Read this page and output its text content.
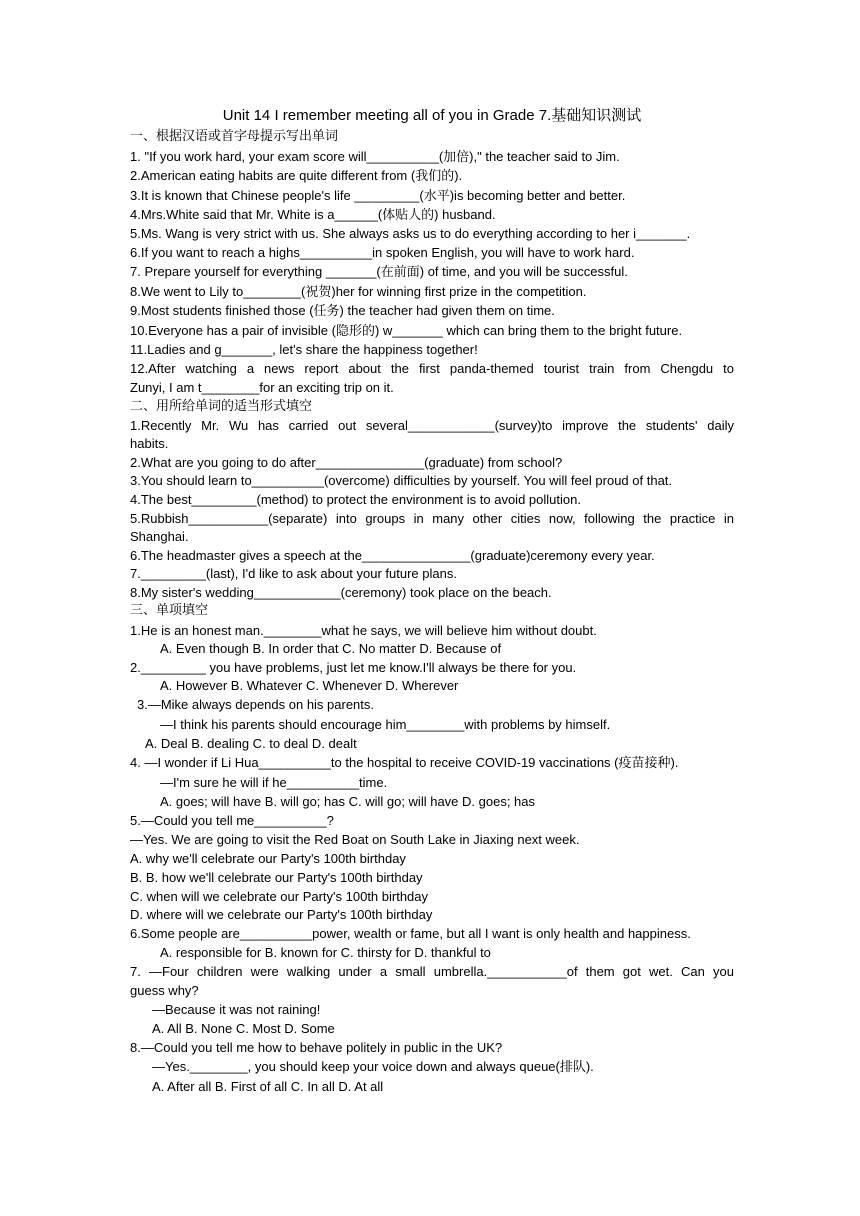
Unit 14 I remember meeting all of you in Grade 7.基础知识测试
一、根据汉语或首字母提示写出单词
1. "If you work hard, your exam score will__________(加倍)," the teacher said to Jim.
2.American eating habits are quite different from (我们的).
3.It is known that Chinese people's life _________(水平)is becoming better and better.
4.Mrs.White said that Mr. White is a______(体贴人的) husband.
5.Ms. Wang is very strict with us. She always asks us to do everything according to her i_______.
6.If you want to reach a highs__________in spoken English, you will have to work hard.
7. Prepare yourself for everything _______(在前面) of time, and you will be successful.
8.We went to Lily to________(祝贺)her for winning first prize in the competition.
9.Most students finished those (任务) the teacher had given them on time.
10.Everyone has a pair of invisible (隐形的) w_______ which can bring them to the bright future.
11.Ladies and g_______, let's share the happiness together!
12.After watching a news report about the first panda-themed tourist train from Chengdu to
Zunyi, I am t________for an exciting trip on it.
二、用所给单词的适当形式填空
1.Recently Mr. Wu has carried out several____________(survey)to improve the students' daily
habits.
2.What are you going to do after_______________(graduate) from school?
3.You should learn to__________(overcome) difficulties by yourself. You will feel proud of that.
4.The best_________(method) to protect the environment is to avoid pollution.
5.Rubbish___________(separate) into groups in many other cities now, following the practice in
Shanghai.
6.The headmaster gives a speech at the_______________(graduate)ceremony every year.
7._________(last), I'd like to ask about your future plans.
8.My sister's wedding____________(ceremony) took place on the beach.
三、单项填空
1.He is an honest man.________what he says, we will believe him without doubt.
A. Even though B. In order that C. No matter D. Because of
2._________ you have problems, just let me know.I'll always be there for you.
A. However B. Whatever C. Whenever D. Wherever
3.—Mike always depends on his parents.
—I think his parents should encourage him________with problems by himself.
A. Deal B. dealing C. to deal D. dealt
4. —I wonder if Li Hua__________to the hospital to receive COVID-19 vaccinations (疫苗接种).
—I'm sure he will if he__________time.
A. goes; will have B. will go; has C. will go; will have D. goes; has
5.—Could you tell me__________?
—Yes. We are going to visit the Red Boat on South Lake in Jiaxing next week.
A. why we'll celebrate our Party's 100th birthday
B. B. how we'll celebrate our Party's 100th birthday
C. when will we celebrate our Party's 100th birthday
D. where will we celebrate our Party's 100th birthday
6.Some people are__________power, wealth or fame, but all I want is only health and happiness.
A. responsible for B. known for C. thirsty for D. thankful to
7. —Four children were walking under a small umbrella.___________of them got wet. Can you
guess why?
—Because it was not raining!
A. All B. None C. Most D. Some
8.—Could you tell me how to behave politely in public in the UK?
—Yes.________, you should keep your voice down and always queue(排队).
A. After all B. First of all C. In all D. At all
